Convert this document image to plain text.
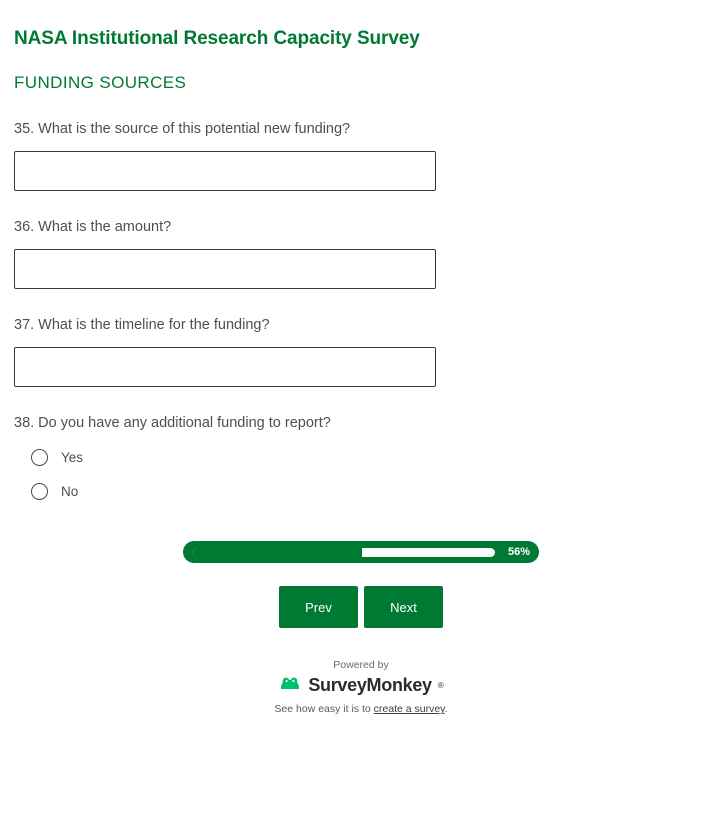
NASA Institutional Research Capacity Survey
FUNDING SOURCES
35. What is the source of this potential new funding?
36. What is the amount?
37. What is the timeline for the funding?
38. Do you have any additional funding to report?
Yes
No
56%
Prev	Next
Powered by
SurveyMonkey ®
See how easy it is to create a survey.
